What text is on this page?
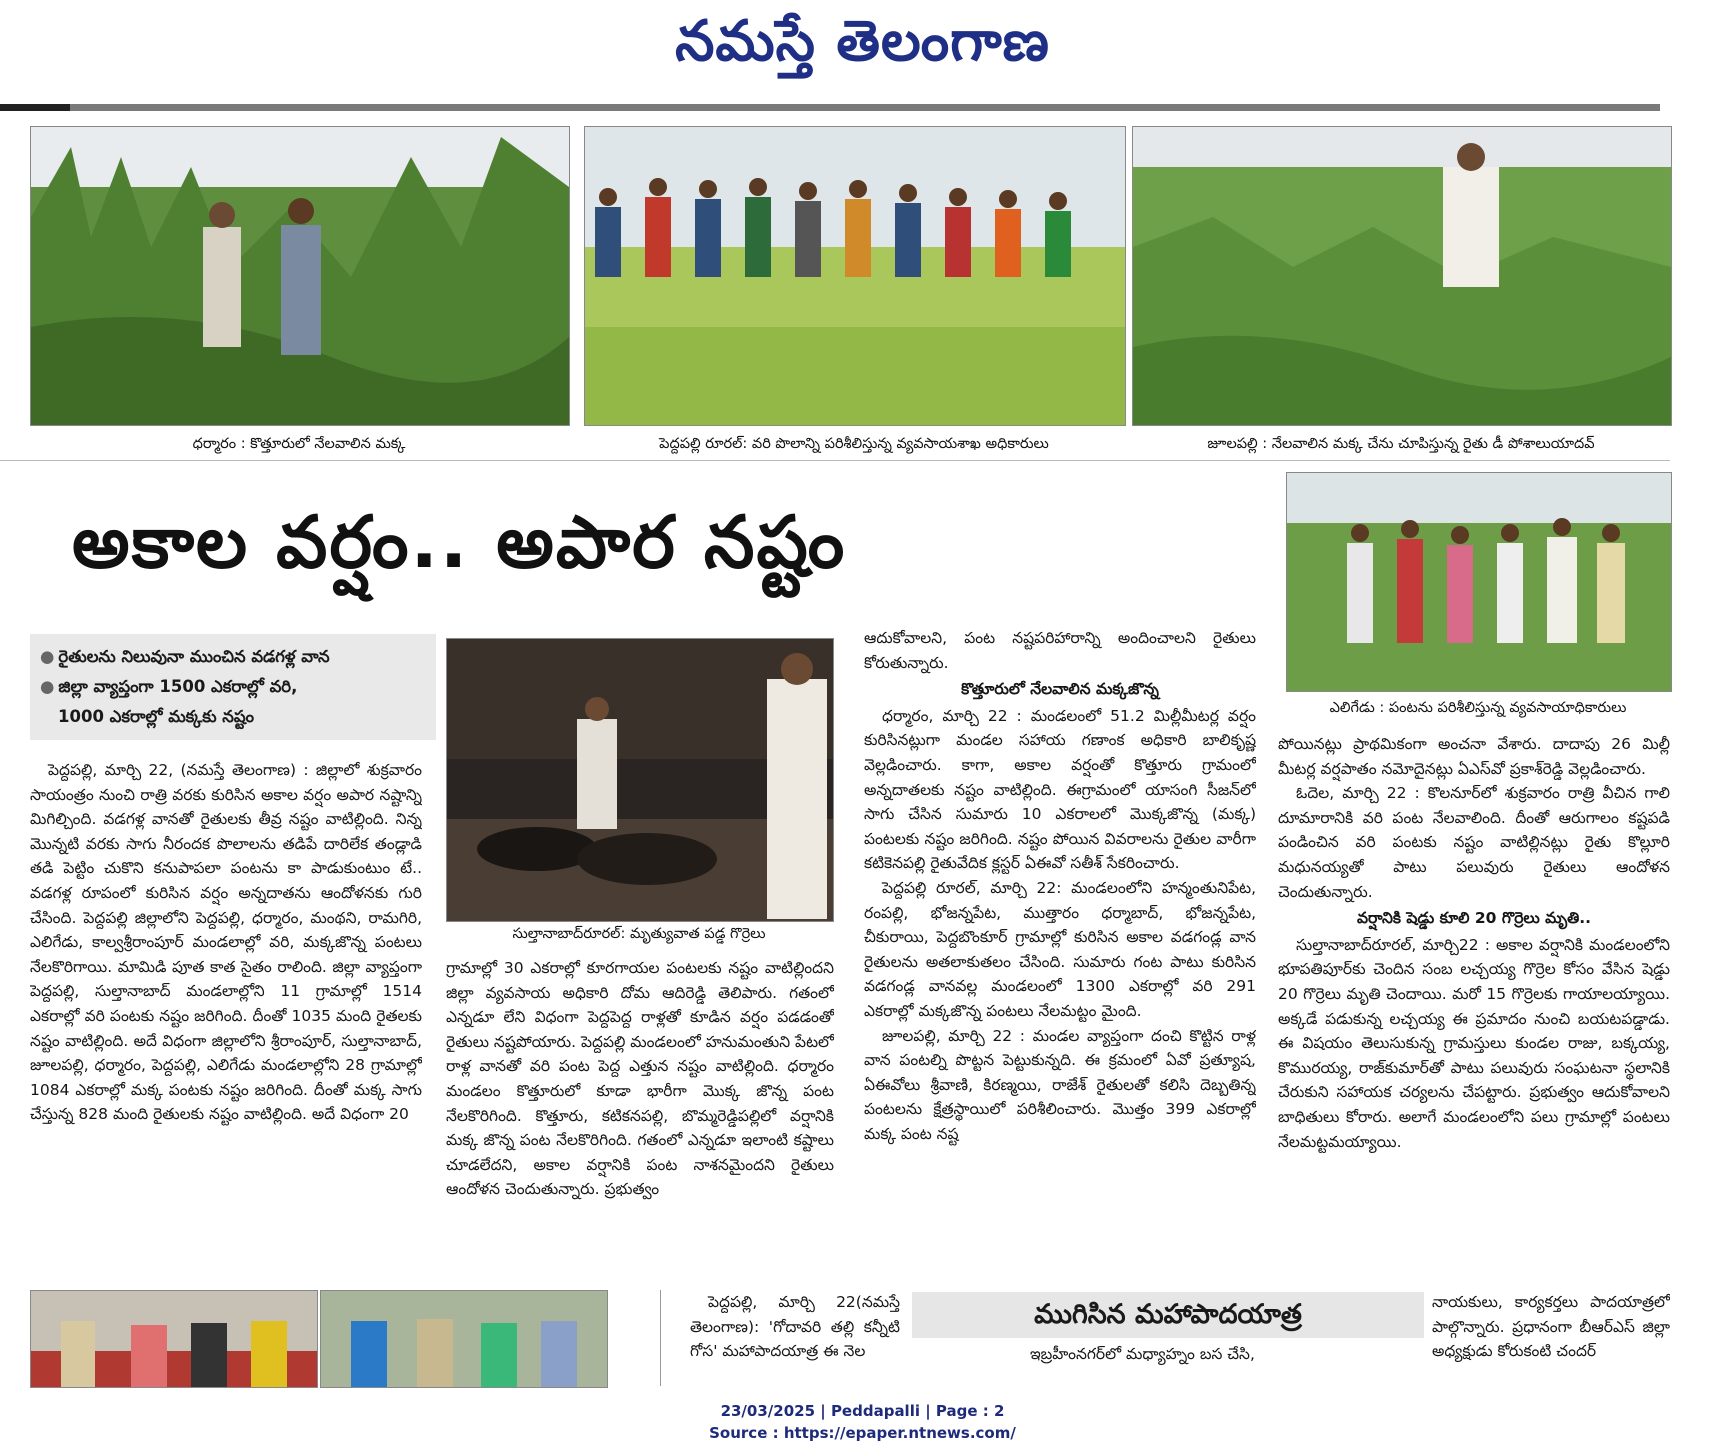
నమస్తే తెలంగాణ
ధర్మారం : కొత్తూరులో నేలవాలిన మక్క	పెద్దపల్లి రూరల్: వరి పొలాన్ని పరిశీలిస్తున్న వ్యవసాయశాఖ అధికారులు	జూలపల్లి : నేలవాలిన మక్క చేను చూపిస్తున్న రైతు డీ పోశాలుయాదవ్
ఎలిగేడు : పంటను పరిశీలిస్తున్న వ్యవసాయాధికారులు
అకాల వర్షం.. అపార నష్టం
● రైతులను నిలువునా ముంచిన వడగళ్ల వాన
● జిల్లా వ్యాప్తంగా 1500 ఎకరాల్లో వరి,
1000 ఎకరాల్లో మక్కకు నష్టం
సుల్తానాబాద్‌రూరల్: మృత్యువాత పడ్డ గొర్రెలు

పెద్దపల్లి, మార్చి 22, (నమస్తే తెలంగాణ) : జిల్లాలో శుక్రవారం సాయంత్రం నుంచి రాత్రి వరకు కురిసిన అకాల వర్షం అపార నష్టాన్ని మిగిల్చింది. వడగళ్ల వానతో రైతులకు తీవ్ర నష్టం వాటిల్లింది. నిన్న మొన్నటి వరకు సాగు నీరందక పొలాలను తడిపే దారిలేక తండ్లాడి తడి పెట్టిం చుకొని కనుపాపలా పంటను కా పాడుకుంటుం టే.. వడగళ్ల రూపంలో కురిసిన వర్షం అన్నదాతను ఆందోళనకు గురి చేసింది. పెద్దపల్లి జిల్లాలోని పెద్దపల్లి, ధర్మారం, మంథని, రామగిరి, ఎలిగేడు, కాల్వశ్రీరాంపూర్ మండలాల్లో వరి, మక్కజొన్న పంటలు నేలకొరిగాయి. మామిడి పూత కాత సైతం రాలింది. జిల్లా వ్యాప్తంగా పెద్దపల్లి, సుల్తానాబాద్ మండలాల్లోని 11 గ్రామాల్లో 1514 ఎకరాల్లో వరి పంటకు నష్టం జరిగింది. దీంతో 1035 మంది రైతలకు నష్టం వాటిల్లింది. అదే విధంగా జిల్లాలోని శ్రీరాంపూర్, సుల్తానాబాద్, జూలపల్లి, ధర్మారం, పెద్దపల్లి, ఎలిగేడు మండలాల్లోని 28 గ్రామాల్లో 1084 ఎకరాల్లో మక్క పంటకు నష్టం జరిగింది. దీంతో మక్క సాగు చేస్తున్న 828 మంది రైతులకు నష్టం వాటిల్లింది. అదే విధంగా 20

గ్రామాల్లో 30 ఎకరాల్లో కూరగాయల పంటలకు నష్టం వాటిల్లిందని జిల్లా వ్యవసాయ అధికారి దోమ ఆదిరెడ్డి తెలిపారు. గతంలో ఎన్నడూ లేని విధంగా పెద్దపెద్ద రాళ్లతో కూడిన వర్షం పడడంతో రైతులు నష్టపోయారు. పెద్దపల్లి మండలంలో హనుమంతుని పేటలో రాళ్ల వానతో వరి పంట పెద్ద ఎత్తున నష్టం వాటిల్లింది. ధర్మారం మండలం కొత్తూరులో కూడా భారీగా మొక్క జొన్న పంట నేలకొరిగింది. కొత్తూరు, కటికనపల్లి, బొమ్మరెడ్డిపల్లిలో వర్షానికి మక్క జొన్న పంట నేలకొరిగింది. గతంలో ఎన్నడూ ఇలాంటి కష్టాలు చూడలేదని, అకాల వర్షానికి పంట నాశనమైందని రైతులు ఆందోళన చెందుతున్నారు. ప్రభుత్వం

ఆదుకోవాలని, పంట నష్టపరిహారాన్ని అందించాలని రైతులు కోరుతున్నారు.

కొత్తూరులో నేలవాలిన మక్కజొన్న

ధర్మారం, మార్చి 22 : మండలంలో 51.2 మిల్లీమీటర్ల వర్షం కురిసినట్లుగా మండల సహాయ గణాంక అధికారి బాలికృష్ణ వెల్లడించారు. కాగా, అకాల వర్షంతో కొత్తూరు గ్రామంలో అన్నదాతలకు నష్టం వాటిల్లింది. ఈగ్రామంలో యాసంగి సీజన్‌లో సాగు చేసిన సుమారు 10 ఎకరాలలో మొక్కజొన్న (మక్క) పంటలకు నష్టం జరిగింది. నష్టం పోయిన వివరాలను రైతుల వారీగా కటికెనపల్లి రైతువేదిక క్లస్టర్ ఏఈవో సతీశ్ సేకరించారు.

పెద్దపల్లి రూరల్, మార్చి 22: మండలంలోని హన్మంతునిపేట, రంపల్లి, భోజన్నపేట, ముత్తారం ధర్మాబాద్, భోజన్నపేట, చీకురాయి, పెద్దబొంకూర్ గ్రామాల్లో కురిసిన అకాల వడగండ్ల వాన రైతులను అతలాకుతలం చేసింది. సుమారు గంట పాటు కురిసిన వడగండ్ల వానవల్ల మండలంలో 1300 ఎకరాల్లో వరి 291 ఎకరాల్లో మక్కజొన్న పంటలు నేలమట్టం మైంది.

జూలపల్లి, మార్చి 22 : మండల వ్యాప్తంగా దంచి కొట్టిన రాళ్ల వాన పంటల్ని పొట్టన పెట్టుకున్నది. ఈ క్రమంలో ఏవో ప్రత్యూష, ఏఈవోలు శ్రీవాణి, కిరణ్మయి, రాజేశ్ రైతులతో కలిసి దెబ్బతిన్న పంటలను క్షేత్రస్థాయిలో పరిశీలించారు. మొత్తం 399 ఎకరాల్లో మక్క పంట నష్ట

పోయినట్లు ప్రాథమికంగా అంచనా వేశారు. దాదాపు 26 మిల్లీ మీటర్ల వర్షపాతం నమోదైనట్లు ఏఎస్‌వో ప్రకాశ్‌రెడ్డి వెల్లడించారు.

ఓదెల, మార్చి 22 : కొలనూర్‌లో శుక్రవారం రాత్రి వీచిన గాలి దూమారానికి వరి పంట నేలవాలింది. దీంతో ఆరుగాలం కష్టపడి పండించిన వరి పంటకు నష్టం వాటిల్లినట్లు రైతు కొల్లూరి మధునయ్యతో పాటు పలువురు రైతులు ఆందోళన చెందుతున్నారు.

వర్షానికి షెడ్డు కూలి 20 గొర్రెలు మృతి..

సుల్తానాబాద్‌రూరల్, మార్చి22 : అకాల వర్షానికి మండలంలోని భూపతిపూర్‌కు చెందిన సంబ లచ్చయ్య గొర్రెల కోసం వేసిన షెడ్డు 20 గొర్రెలు మృతి చెందాయి. మరో 15 గొర్రెలకు గాయాలయ్యాయి. అక్కడే పడుకున్న లచ్చయ్య ఈ ప్రమాదం నుంచి బయటపడ్డాడు. ఈ విషయం తెలుసుకున్న గ్రామస్తులు కుండల రాజు, బక్కయ్య, కొమురయ్య, రాజ్‌కుమార్‌తో పాటు పలువురు సంఘటనా స్థలానికి చేరుకుని సహాయక చర్యలను చేపట్టారు. ప్రభుత్వం ఆదుకోవాలని బాధితులు కోరారు. అలాగే మండలంలోని పలు గ్రామాల్లో పంటలు నేలమట్టమయ్యాయి.

పెద్దపల్లి, మార్చి 22(నమస్తే తెలంగాణ): 'గోదావరి తల్లి కన్నీటి గోస' మహాపాదయాత్ర ఈ నెల

ముగిసిన మహాపాదయాత్ర

ఇబ్రహీంనగర్‌లో మధ్యాహ్నం బస చేసి,

నాయకులు, కార్యకర్తలు పాదయాత్రలో పాల్గొన్నారు. ప్రధానంగా బీఆర్ఎస్ జిల్లా అధ్యక్షుడు కోరుకంటి చందర్

23/03/2025 | Peddapalli | Page : 2
Source : https://epaper.ntnews.com/
